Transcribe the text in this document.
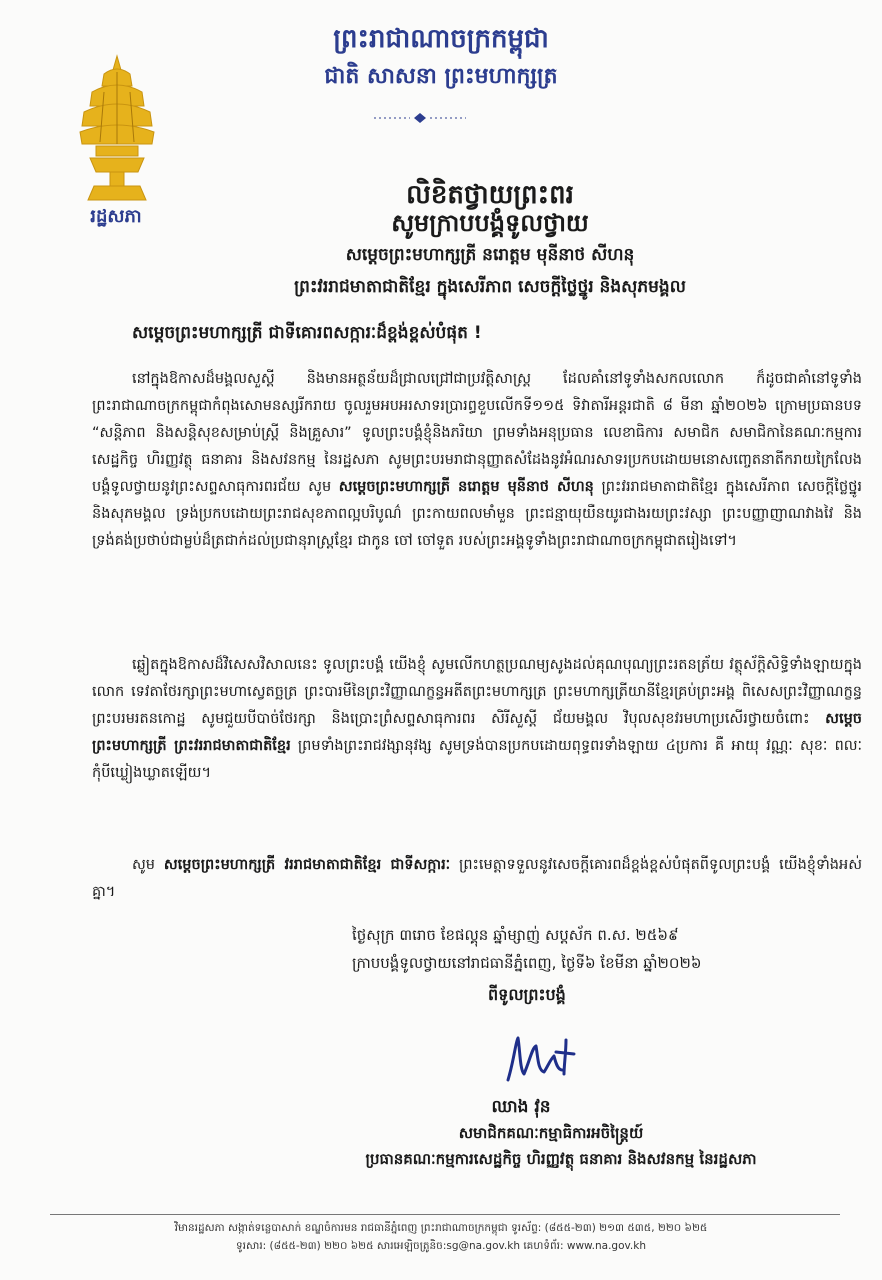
ព្រះរាជាណាចក្រកម្ពុជា
ជាតិ សាសនា ព្រះមហាក្សត្រ
រដ្ឋសភា
លិខិតថ្វាយព្រះពរ
សូមក្រាបបង្គំទូលថ្វាយ
សម្តេចព្រះមហាក្សត្រី នរោត្តម មុនីនាថ សីហនុ
ព្រះវររាជមាតាជាតិខ្មែរ ក្នុងសេរីភាព សេចក្តីថ្លៃថ្នូរ និងសុភមង្គល
សម្តេចព្រះមហាក្សត្រី ជាទីគោរពសក្ការៈដ៏ខ្ពង់ខ្ពស់បំផុត !
នៅក្នុងឱកាសដ៏មង្គលសួស្តី និងមានអត្ថន័យដ៏ជ្រាលជ្រៅជាប្រវត្តិសាស្ត្រ ដែលគាំនៅទូទាំងសកលលោក ក៏ដូចជាគាំនៅទូទាំងព្រះរាជាណាចក្រកម្ពុជាកំពុងសោមនស្សរីករាយ ចូលរួមអបអរសាទរប្រារព្ធខួបលើកទី១១៥ ទិវាតារីអន្តរជាតិ ៨ មីនា ឆ្នាំ២០២៦ ក្រោមប្រធានបទ “សន្តិភាព និងសន្តិសុខសម្រាប់ស្ត្រី និងគ្រួសារ” ទូលព្រះបង្គំខ្ញុំនិងភរិយា ព្រមទាំងអនុប្រធាន លេខាធិការ សមាជិក សមាជិកានៃគណៈកម្មការសេដ្ឋកិច្ច ហិរញ្ញវត្ថុ ធនាគារ និងសវនកម្ម នៃរដ្ឋសភា សូមព្រះបរមរាជានុញ្ញាតសំដែងនូវអំណរសាទរប្រកបដោយមនោសញ្ចេតនាតីករាយក្រៃលែង បង្គំទូលថ្វាយនូវព្រះសព្ទសាធុការពរជ័យ សូម សម្តេចព្រះមហាក្សត្រី នរោត្តម មុនីនាថ សីហនុ ព្រះវររាជមាតាជាតិខ្មែរ ក្នុងសេរីភាព សេចក្តីថ្លៃថ្នូរ និងសុភមង្គល ទ្រង់ប្រកបដោយព្រះរាជសុខភាពល្អបរិបូណ៌ ព្រះកាយពលមាំមួន ព្រះជន្មាយុយឺនយូរជាងរយព្រះវស្សា ព្រះបញ្ញាញាណវាងវៃ និងទ្រង់គង់ប្រថាប់ជាម្លប់ដ៏ត្រជាក់ដល់ប្រជានុរាស្ត្រខ្មែរ ជាកូន ចៅ ចៅទួត របស់ព្រះអង្គទូទាំងព្រះរាជាណាចក្រកម្ពុជាតរៀងទៅ។
ឆ្លៀតក្នុងឱកាសដ៏វិសេសវិសាលនេះ ទូលព្រះបង្គំ យើងខ្ញុំ សូមលើកហត្ថប្រណម្យសូងដល់គុណបុណ្យព្រះរតនត្រ័យ វត្ថុស័ក្តិសិទ្ធិទាំងឡាយក្នុងលោក ទេវតាថែរក្សាព្រះមហាស្វេតច្ឆត្រ ព្រះបារមីនៃព្រះវិញ្ញាណក្ខន្ធអតីតព្រះមហាក្សត្រ ព្រះមហាក្សត្រីយានីខ្មែរគ្រប់ព្រះអង្គ ពិសេសព្រះវិញ្ញាណក្ខន្ធព្រះបរមរតនកោដ្ឋ សូមជួយបីបាច់ថែរក្សា និងប្រោះព្រំសព្ទសាធុការពរ សិរីសួស្តី ជ័យមង្គល វិបុលសុខវរមហាប្រសើរថ្វាយចំពោះ សម្តេចព្រះមហាក្សត្រី ព្រះវររាជមាតាជាតិខ្មែរ ព្រមទាំងព្រះរាជវង្សានុវង្ស សូមទ្រង់បានប្រកបដោយពុទ្ធពរទាំងឡាយ ៤ប្រការ គឺ អាយុ វណ្ណៈ សុខៈ ពលៈ កុំបីឃ្លៀងឃ្លាតឡើយ។
សូម សម្តេចព្រះមហាក្សត្រី វររាជមាតាជាតិខ្មែរ ជាទីសក្ការៈ ព្រះមេត្តាទទួលនូវសេចក្តីគោរពដ៏ខ្ពង់ខ្ពស់បំផុតពីទូលព្រះបង្គំ យើងខ្ញុំទាំងអស់គ្នា។
ថ្ងៃសុក្រ ៣រោច ខែផល្គុន ឆ្នាំម្សាញ់ សប្តស័ក ព.ស. ២៥៦៩
ក្រាបបង្គំទូលថ្វាយនៅរាជធានីភ្នំពេញ, ថ្ងៃទី៦ ខែមីនា ឆ្នាំ២០២៦
ពីទូលព្រះបង្គំ
ឈាង វុន
សមាជិកគណៈកម្មាធិការអចិន្ត្រៃយ៍
ប្រធានគណៈកម្មការសេដ្ឋកិច្ច ហិរញ្ញវត្ថុ ធនាគារ និងសវនកម្ម នៃរដ្ឋសភា
វិមានរដ្ឋសភា សង្កាត់ទន្លេបាសាក់ ខណ្ឌចំការមន រាជធានីភ្នំពេញ ព្រះរាជាណាចក្រកម្ពុជា ទូរស័ព្ទ: (៨៥៥-២៣) ២១៣ ៥៣៥, ២២០ ៦២៥
ទូរសារ: (៨៥៥-២៣) ២២០ ៦២៥ សារអេឡិចត្រូនិច:sg@na.gov.kh គេហទំព័រ: www.na.gov.kh
